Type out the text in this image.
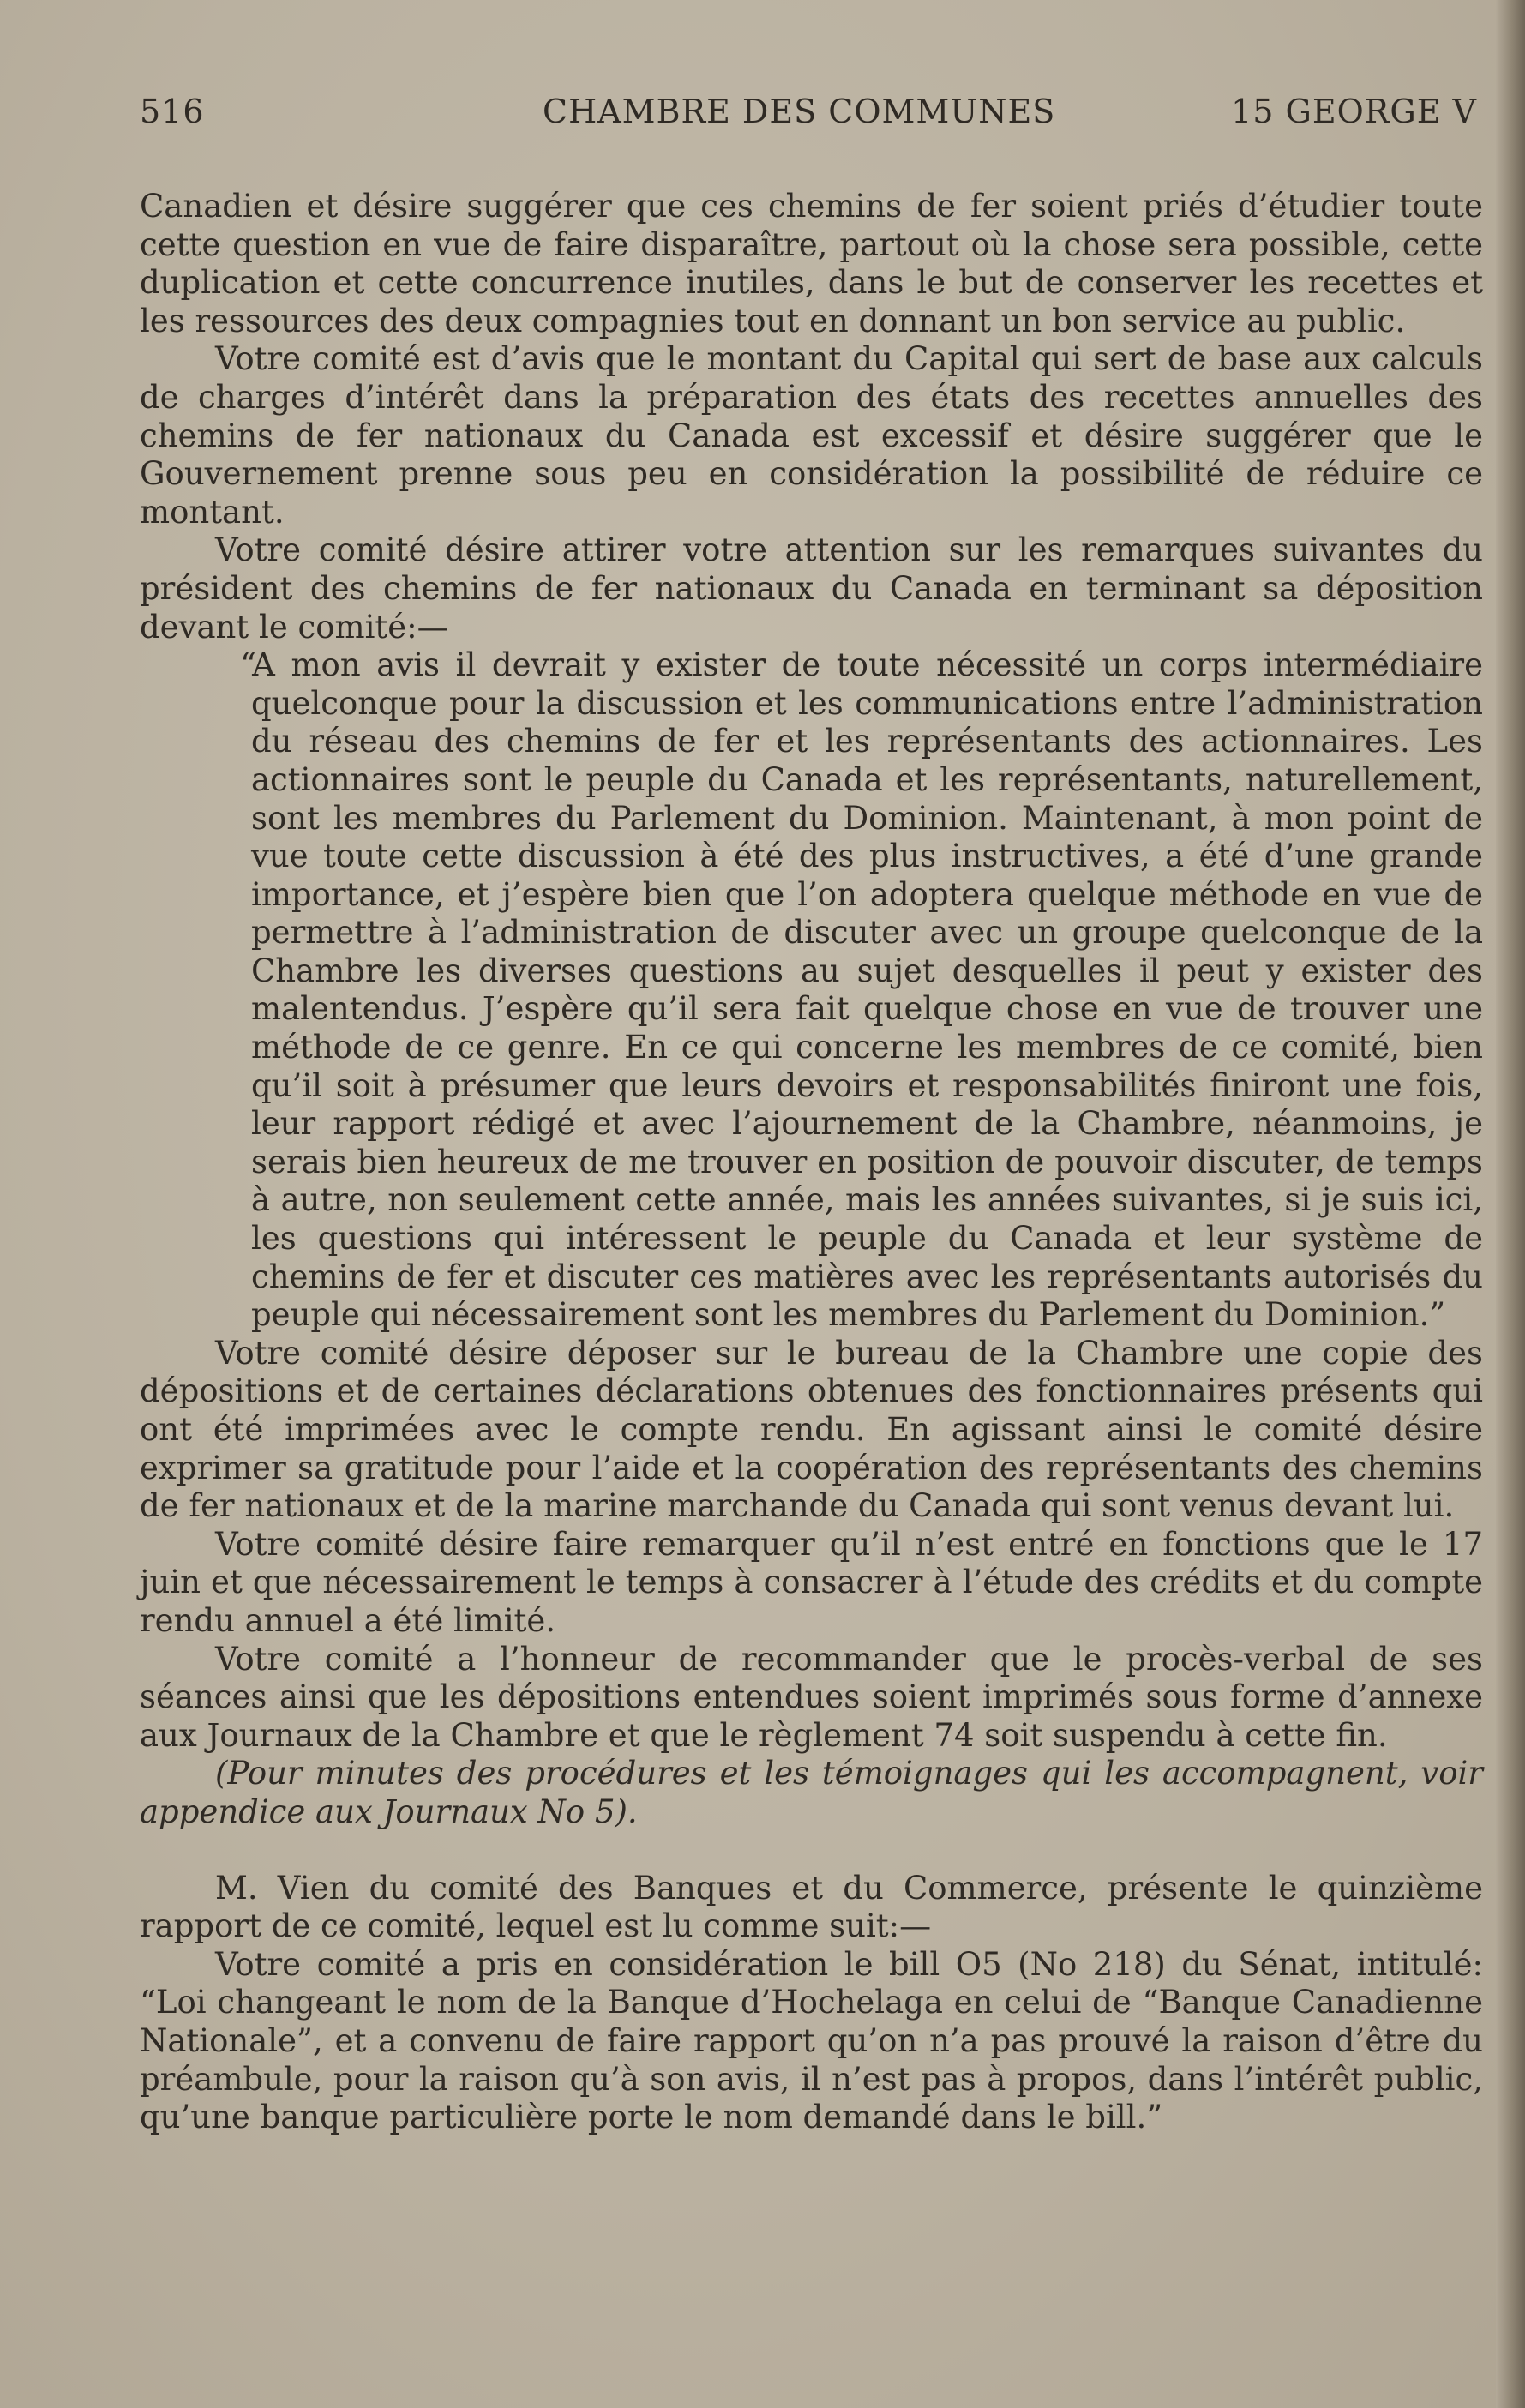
516	CHAMBRE DES COMMUNES	15 GEORGE V

Canadien et désire suggérer que ces chemins de fer soient priés d’étudier toute cette question en vue de faire disparaître, partout où la chose sera possible, cette duplication et cette concurrence inutiles, dans le but de conserver les recettes et les ressources des deux compagnies tout en donnant un bon service au public.

Votre comité est d’avis que le montant du Capital qui sert de base aux calculs de charges d’intérêt dans la préparation des états des recettes annuelles des chemins de fer nationaux du Canada est excessif et désire suggérer que le Gouvernement prenne sous peu en considération la possibilité de réduire ce montant.

Votre comité désire attirer votre attention sur les remarques suivantes du président des chemins de fer nationaux du Canada en terminant sa déposition devant le comité:—

“A mon avis il devrait y exister de toute nécessité un corps intermédiaire quelconque pour la discussion et les communications entre l’administration du réseau des chemins de fer et les représentants des actionnaires. Les actionnaires sont le peuple du Canada et les représentants, naturellement, sont les membres du Parlement du Dominion. Maintenant, à mon point de vue toute cette discussion à été des plus instructives, a été d’une grande importance, et j’espère bien que l’on adoptera quelque méthode en vue de permettre à l’administration de discuter avec un groupe quelconque de la Chambre les diverses questions au sujet desquelles il peut y exister des malentendus. J’espère qu’il sera fait quelque chose en vue de trouver une méthode de ce genre. En ce qui concerne les membres de ce comité, bien qu’il soit à présumer que leurs devoirs et responsabilités finiront une fois, leur rapport rédigé et avec l’ajournement de la Chambre, néanmoins, je serais bien heureux de me trouver en position de pouvoir discuter, de temps à autre, non seulement cette année, mais les années suivantes, si je suis ici, les questions qui intéressent le peuple du Canada et leur système de chemins de fer et discuter ces matières avec les représentants autorisés du peuple qui nécessairement sont les membres du Parlement du Dominion.”

Votre comité désire déposer sur le bureau de la Chambre une copie des dépositions et de certaines déclarations obtenues des fonctionnaires présents qui ont été imprimées avec le compte rendu. En agissant ainsi le comité désire exprimer sa gratitude pour l’aide et la coopération des représentants des chemins de fer nationaux et de la marine marchande du Canada qui sont venus devant lui.

Votre comité désire faire remarquer qu’il n’est entré en fonctions que le 17 juin et que nécessairement le temps à consacrer à l’étude des crédits et du compte rendu annuel a été limité.

Votre comité a l’honneur de recommander que le procès-verbal de ses séances ainsi que les dépositions entendues soient imprimés sous forme d’annexe aux Journaux de la Chambre et que le règlement 74 soit suspendu à cette fin.

(Pour minutes des procédures et les témoignages qui les accompagnent, voir appendice aux Journaux No 5).

M. Vien du comité des Banques et du Commerce, présente le quinzième rapport de ce comité, lequel est lu comme suit:—

Votre comité a pris en considération le bill O5 (No 218) du Sénat, intitulé: “Loi changeant le nom de la Banque d’Hochelaga en celui de “Banque Canadienne Nationale”, et a convenu de faire rapport qu’on n’a pas prouvé la raison d’être du préambule, pour la raison qu’à son avis, il n’est pas à propos, dans l’intérêt public, qu’une banque particulière porte le nom demandé dans le bill.”
